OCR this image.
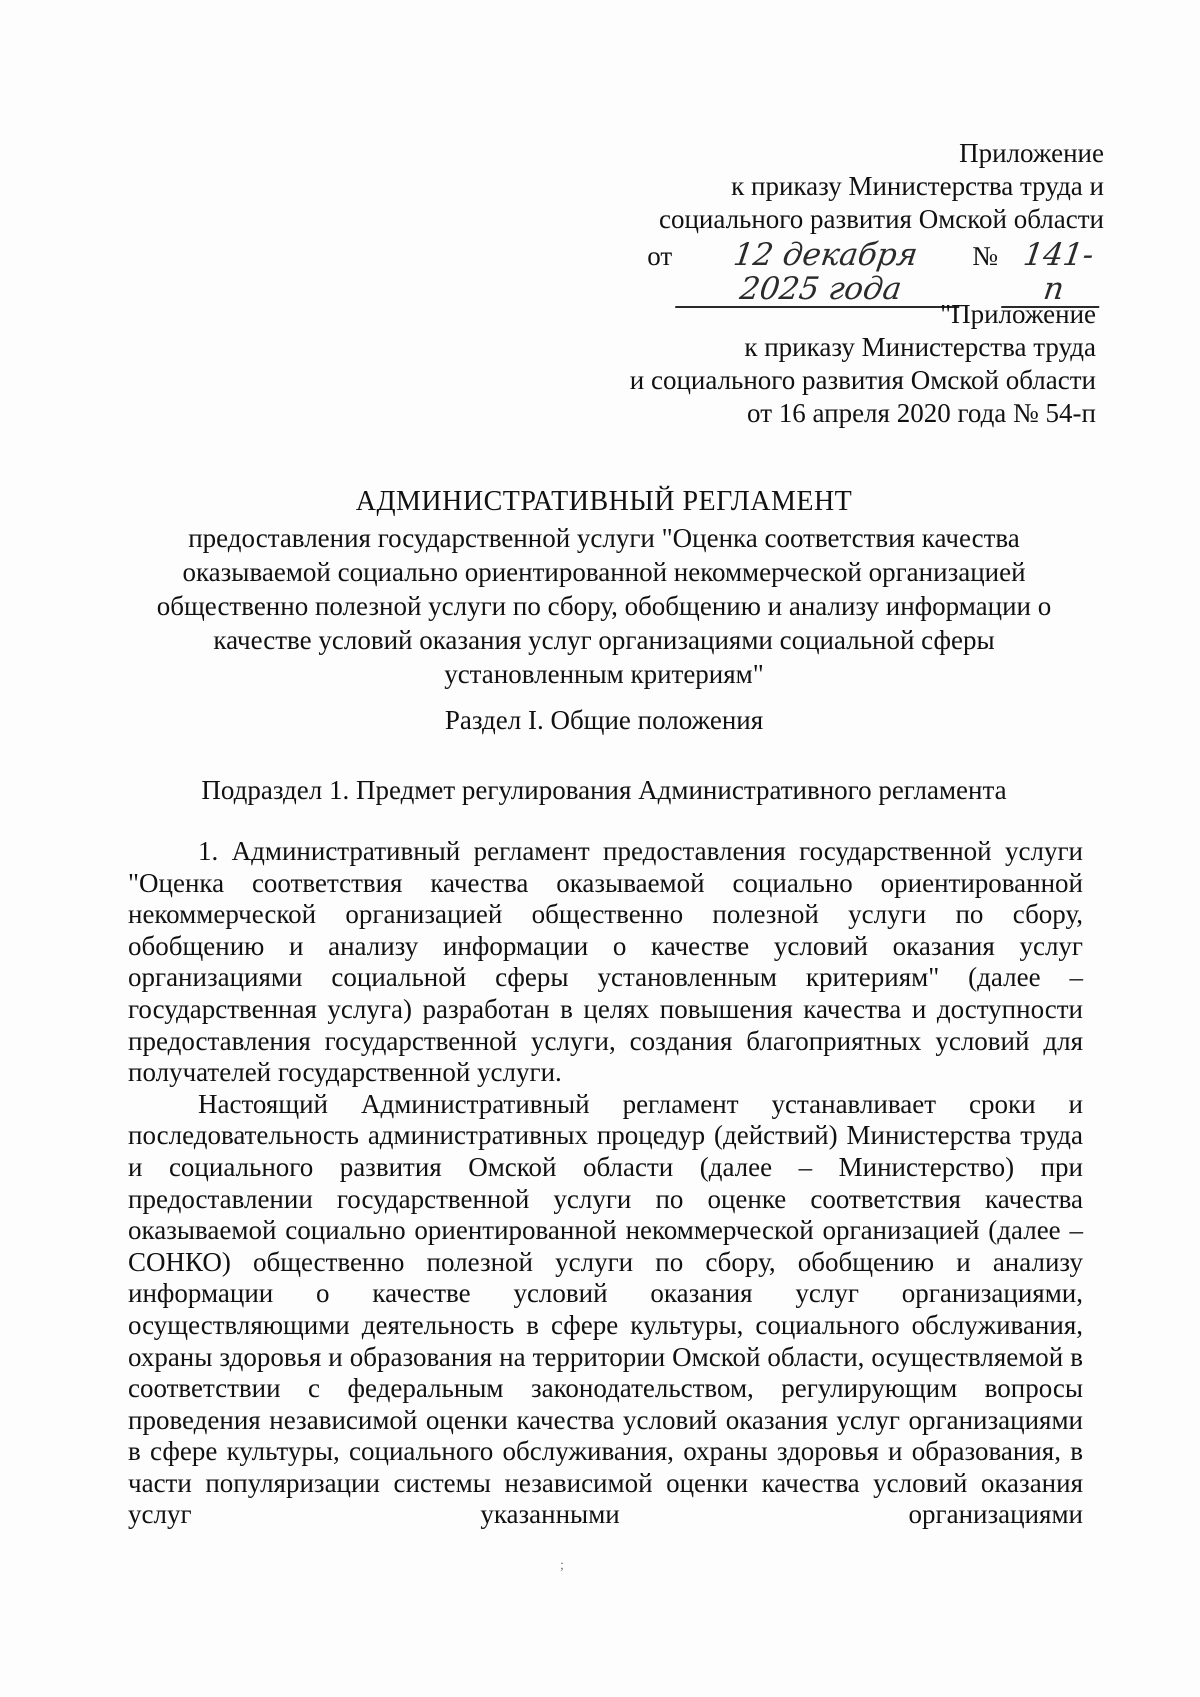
Приложение
к приказу Министерства труда и
социального развития Омской области
от	12 декабря 2025 года
№ 141-п
"Приложение
к приказу Министерства труда
и социального развития Омской области
от 16 апреля 2020 года № 54-п
АДМИНИСТРАТИВНЫЙ РЕГЛАМЕНТ
предоставления государственной услуги "Оценка соответствия качества оказываемой социально ориентированной некоммерческой организацией общественно полезной услуги по сбору, обобщению и анализу информации о качестве условий оказания услуг организациями социальной сферы установленным критериям"
Раздел I. Общие положения
Подраздел 1. Предмет регулирования Административного регламента

1. Административный регламент предоставления государственной услуги "Оценка соответствия качества оказываемой социально ориентированной некоммерческой организацией общественно полезной услуги по сбору, обобщению и анализу информации о качестве условий оказания услуг организациями социальной сферы установленным критериям" (далее – государственная услуга) разработан в целях повышения качества и доступности предоставления государственной услуги, создания благоприятных условий для получателей государственной услуги.

Настоящий Административный регламент устанавливает сроки и последовательность административных процедур (действий) Министерства труда и социального развития Омской области (далее – Министерство) при предоставлении государственной услуги по оценке соответствия качества оказываемой социально ориентированной некоммерческой организацией (далее – СОНКО) общественно полезной услуги по сбору, обобщению и анализу информации о качестве условий оказания услуг организациями, осуществляющими деятельность в сфере культуры, социального обслуживания, охраны здоровья и образования на территории Омской области, осуществляемой в соответствии с федеральным законодательством, регулирующим вопросы проведения независимой оценки качества условий оказания услуг организациями в сфере культуры, социального обслуживания, охраны здоровья и образования, в части популяризации системы независимой оценки качества условий оказания услуг указанными организациями

;
